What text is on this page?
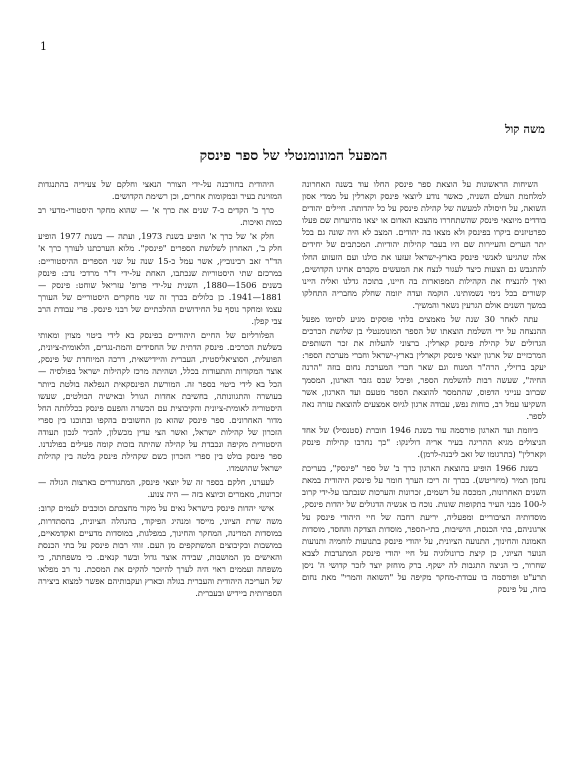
1
משה קול
המפעל המונומנטלי של ספר פינסק

השיחות הראשונות על הוצאת ספר פינסק החלו עוד בשנה האחרונה למלחמת העולם השניה, כאשר נודע ליוצאי פינסק וקארלין על ממדי אסון השואה, על חיסולה למעשה של קהילת פינסק על כל יהדותה. חיילים יהודים בודדים מיוצאי פינסק שהשתחררו מהצבא האדום או יצאו מהיערות שם פעלו כפרטיזנים ביקרו בפינסק ולא מצאו בה יהודים. המצב לא היה שונה גם בכל יתר הערים והעיירות שם היו בעבר קהילות יהודיות. המכתבים של יחידים אלה שהגיעו לאנשי פינסק בארץ-ישראל זעזעו את כולנו ועם הזעזוע החלו להתגבש גם הצעות כיצד לעגור לנצח את המעשים מקברם אחינו הקדושים, ואיך להנציח את הקהילות המפוארות בה חיינו, בתוכה גדלנו ואליה היינו קשורים בכל נימי נשמותינו. הוקמה ועדה יזומה שחלק מחבריה התחלקו במשך השנים אולם הגרעין נשאר והמשיך.

עתה לאחר 30 שנה של מאמצים בלתי פוסקים מגיע לסיומו מפעל ההנצחה על ידי השלמת הוצאתו של הספר המונומנטלי בן שלושת הכרכים הגדולים של קהילת פינסק קארלין. ברצוני להעלות את זכר השותפים המרכזיים של ארגון יוצאי פינסק וקארלין בארץ-ישראל וחברי מערכת הספר: יעקב ברזילי, הרה"ר המנוח וגם שאר חברי המערכת נחום בוזה "הרנה החיה", שעשה רבות להשלמת הספר, ופיבל שבס גזבר הארגון, המסמך שברוב ענייני הדפוס, שהתמסר להוצאת הספר מטעם ועד הארגון, אשר השקיעו עמל רב, כוחות נפש, עבודה ארגון לגיוס אמצעים להוצאת עזרה נאה לספר.

ביוזמת ועד הארגון פורסמה עוד בשנת 1946 חוברת (סטנסיל) של אחד הניצולים מגיא ההריגה בעיר אריה דולינקו: "כך נחרבו קהילות פינסק וקארלין" (בתרגומו של זאב ליבנה-לרמן).

בשנת 1966 הופיע בהוצאת הארגון כרך ב' של ספר "פינסק", בעריכת נחמן תמיר (מיזריטש). בכרך זה ריכז הערך חומר על פינסק היהודית במאת השנים האחרונות, המכסה על רשמים, זכרונות והערכות שנכתבו על-ידי קרוב ל-100 מבני העיר בתקופות שונות. נוכח בו אנשיה הדגולים של יהדות פינסק, מוסדותיה הציבוריים ומפעליה, יריעת רחבה של חיי היהודי פינסק על ארגוניהם, בתי הכנסת, הישיבות, בתי-הספר, מוסדות הצדקה והחסד, מוסדות האמונה והחינוך, התנועה הציונית, על יהודי פינסק בתנועות לוחמיה ותנועות הנוער הציוני, כן קיצת כרונולוגיה על חיי יהודי פינסק המתנדבות לצבא שחרור, כי הניצה התגבות לה ישקף. ברק מוחזק יוצד לזכר קדושי ה' ניסן תרע"ט ופורסמה בו עבודת-מחקר מקיפה על "השואה והמרי" מאת נחום בוזה, על פינסק

היהודית בחורבנה על-ידי הצורר הנאצי וחלקם של צעיריה בהתנגדות המזוינת בעיר ובמקומות אחרים, וכן רשימת הקדושים.

כרך ב' הקדים ב-7 שנים את כרך א' — שהוא מחקר היסטורי-מדעי רב כמות ואיכות.

חלק א' של כרך א' הופיע בשנת 1973, ועתה — בשנת 1977 הופיע חלק ב', האחרון לשלושת הספרים "פינסק". מלוא הערכתנו לעורך כרך א' הד"ר זאב רבינוביץ, אשר עמל כ-15 שנה על שני הספרים ההיסטוריים: במרכזם שתי היסטוריות שנכתבו, האחת על-ידי ד"ר מרדכי נדב: פינסק בשנים 1506—1880, השנית על-ידי פרופ' עזריאל שוחט: פינסק — 1881—1941. כן כלולים בכרך זה שני מחקרים היסטוריים של העורך עצמו ומחקר נוסף על החידושים ההלכתיים של רבני פינסק. פרי עבודת הרב צבי קפלן.

הפלורליזם של החיים היהודיים בפינסק בא לידי ביטוי מצוין ומאותי בשלשת הכרכים. פינסק הדתית של החסידים והמת-נגדים, הלאומית-ציונית, הפועלית, הסוציאליסטית, העברית והיידישאית, דרכה המיוחדת של פינסק, אוצר המקורות והתעודות בכלל, ושהיתה מרכז לקהילות ישראל בפולסיה — הכל בא לידי ביטוי בספר זה. המורשת הפינסקאית הנפלאה בולטת ביותר בעושרה והתגוונותה, בחשיבת אחדות הגורל ובאישיה הבולטים, שעשו היסטוריה לאומית-ציונית והקיבוצית עם הכשרה והפעם פינסק בכללותה החל מדור האחרונים. ספר פינסק שהוא מן החשובים בהקפו ובתוכנו בין ספרי הזכרון של קהילות ישראל, ואשר הצי עדין מכשלון, להכיר לנכון תעודה היסטורית מקיפה ונכבדת על קהילה שהיתה בזכות קומה פעילים בפולנדנו. ספר פינסק בולט בין ספרי הזכרון כשם שקהילת פינסק בלטה בין קהילות ישראל שהושמדו.

לעערנו, חלקם בספר זה של יוצאי פינסק, המתגוררים בארצות הגולה — זכרונות, מאמרים וכיוצא בזה — היה צנוע.

אישי יהדות פינסק בישראל נאים על מקור מחצבתם וכוכבים לעמים קרוב: משה שרת הציוני, מייסד ומנהיג הפיקוד, בהנהלה הציונית, בהסתדרות, במוסדות המדינה, המחקר והחינוך, במפלגות, במוסדות מדעיים ואקדמאיים, במושבות ובקיבוצים המשתקפים מן העם. זוהי רבות פינסק על בתי הכנסת והאישים מן המושבות, שבידה אוצר גדול ובשר קנאים. כי משפחתה, כי משפחה ועממים ראוי היה לערך להיזכר להקים את המסכת. נר רב מפלאו של העריכה היהודית והעברית בגולה ובארץ ועקבותיהם אפשר למצוא ביצירה הספרותית ביידיש ובעברית.
